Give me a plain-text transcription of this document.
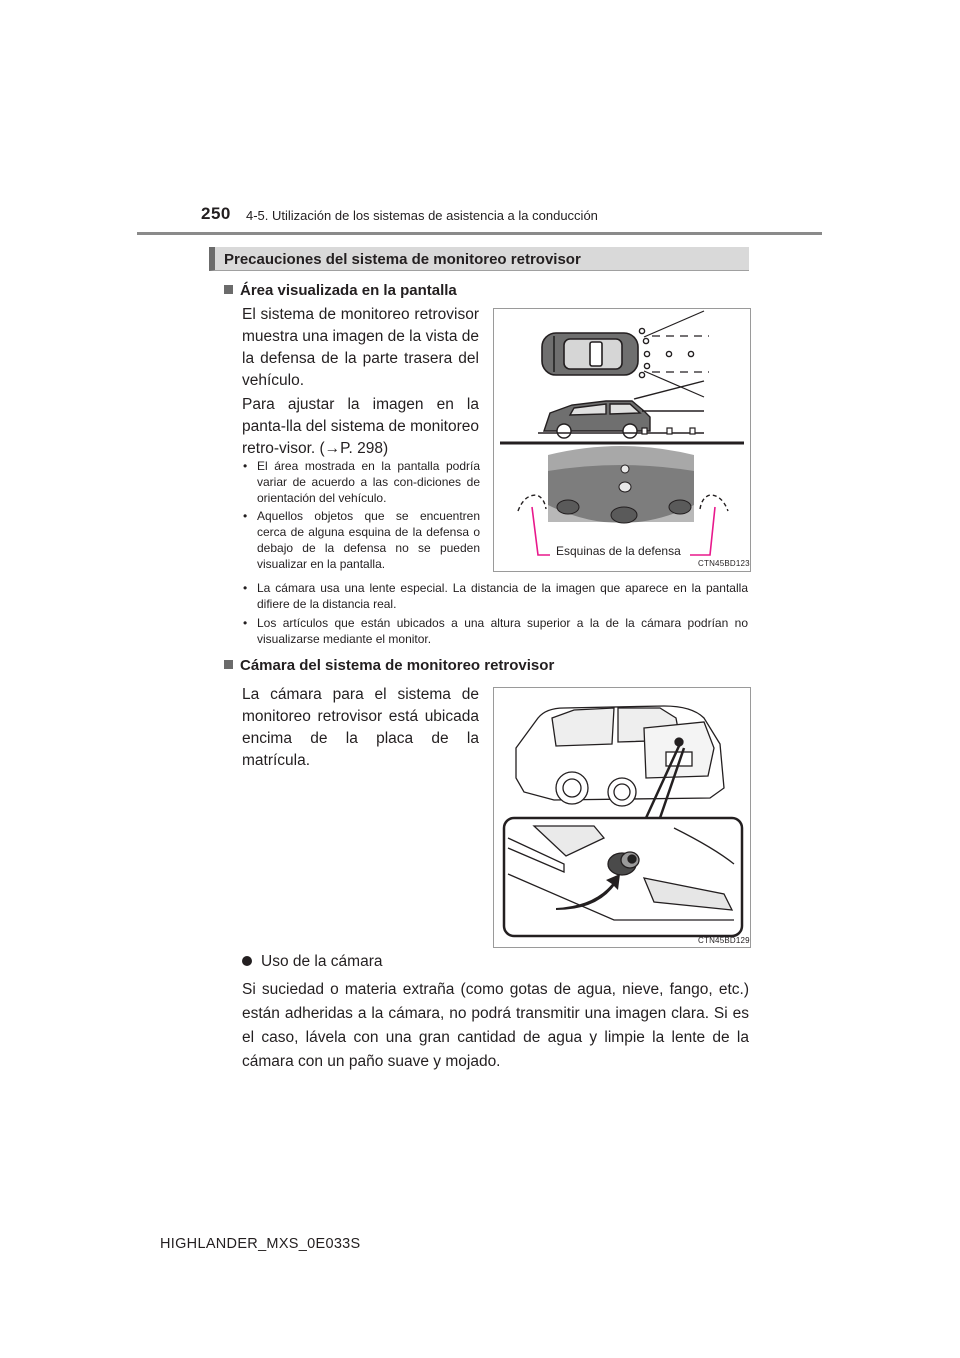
250 4-5. Utilización de los sistemas de asistencia a la conducción
Precauciones del sistema de monitoreo retrovisor
Área visualizada en la pantalla
El sistema de monitoreo retrovisor muestra una imagen de la vista de la defensa de la parte trasera del vehículo.
Para ajustar la imagen en la panta-lla del sistema de monitoreo retro-visor. (→P. 298)
• El área mostrada en la pantalla podría variar de acuerdo a las con-diciones de orientación del vehículo.
• Aquellos objetos que se encuentren cerca de alguna esquina de la defensa o debajo de la defensa no se pueden visualizar en la pantalla.
Esquinas de la defensa
CTN45BD123
• La cámara usa una lente especial. La distancia de la imagen que aparece en la pantalla difiere de la distancia real.
• Los artículos que están ubicados a una altura superior a la de la cámara podrían no visualizarse mediante el monitor.
Cámara del sistema de monitoreo retrovisor
La cámara para el sistema de monitoreo retrovisor está ubicada encima de la placa de la matrícula.
CTN45BD129
Uso de la cámara
Si suciedad o materia extraña (como gotas de agua, nieve, fango, etc.) están adheridas a la cámara, no podrá transmitir una imagen clara. Si es el caso, lávela con una gran cantidad de agua y limpie la lente de la cámara con un paño suave y mojado.
HIGHLANDER_MXS_0E033S
